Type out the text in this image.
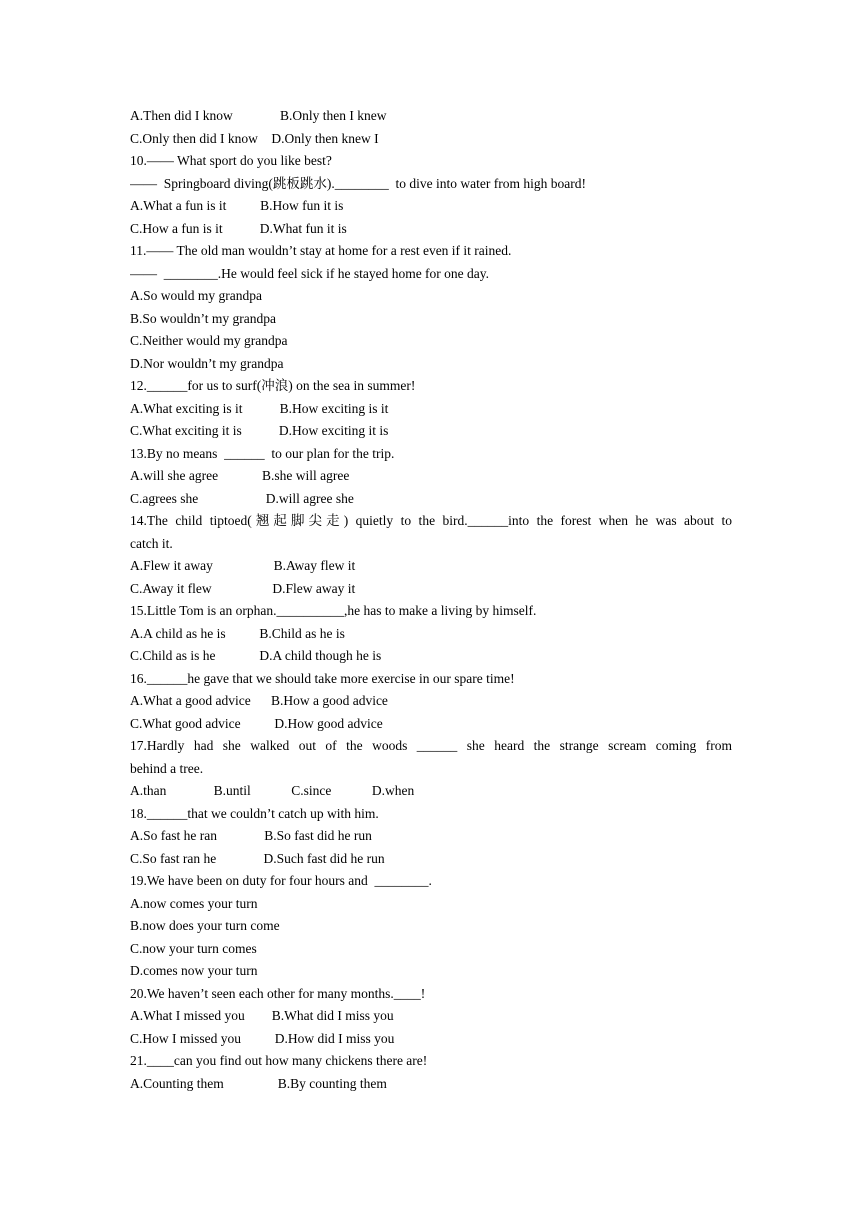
A.Then did I know              B.Only then I knew
C.Only then did I know    D.Only then knew I
10.—— What sport do you like best?
——  Springboard diving(跳板跳水).________  to dive into water from high board!
A.What a fun is it          B.How fun it is
C.How a fun is it           D.What fun it is
11.—— The old man wouldn’t stay at home for a rest even if it rained.
——  ________.He would feel sick if he stayed home for one day.
A.So would my grandpa
B.So wouldn’t my grandpa
C.Neither would my grandpa
D.Nor wouldn’t my grandpa
12.______for us to surf(冲浪) on the sea in summer!
A.What exciting is it           B.How exciting is it
C.What exciting it is           D.How exciting it is
13.By no means  ______  to our plan for the trip.
A.will she agree             B.she will agree
C.agrees she                    D.will agree she
14.The child tiptoed(翘起脚尖走) quietly to the bird.______into the forest when he was about to
catch it.
A.Flew it away                  B.Away flew it
C.Away it flew                  D.Flew away it
15.Little Tom is an orphan.__________,he has to make a living by himself.
A.A child as he is          B.Child as he is
C.Child as is he             D.A child though he is
16.______he gave that we should take more exercise in our spare time!
A.What a good advice      B.How a good advice
C.What good advice          D.How good advice
17.Hardly had she walked out of the woods ______ she heard the strange scream coming from
behind a tree.
A.than              B.until            C.since            D.when
18.______that we couldn’t catch up with him.
A.So fast he ran              B.So fast did he run
C.So fast ran he              D.Such fast did he run
19.We have been on duty for four hours and  ________.
A.now comes your turn
B.now does your turn come
C.now your turn comes
D.comes now your turn
20.We haven’t seen each other for many months.____!
A.What I missed you        B.What did I miss you
C.How I missed you          D.How did I miss you
21.____can you find out how many chickens there are!
A.Counting them                B.By counting them
